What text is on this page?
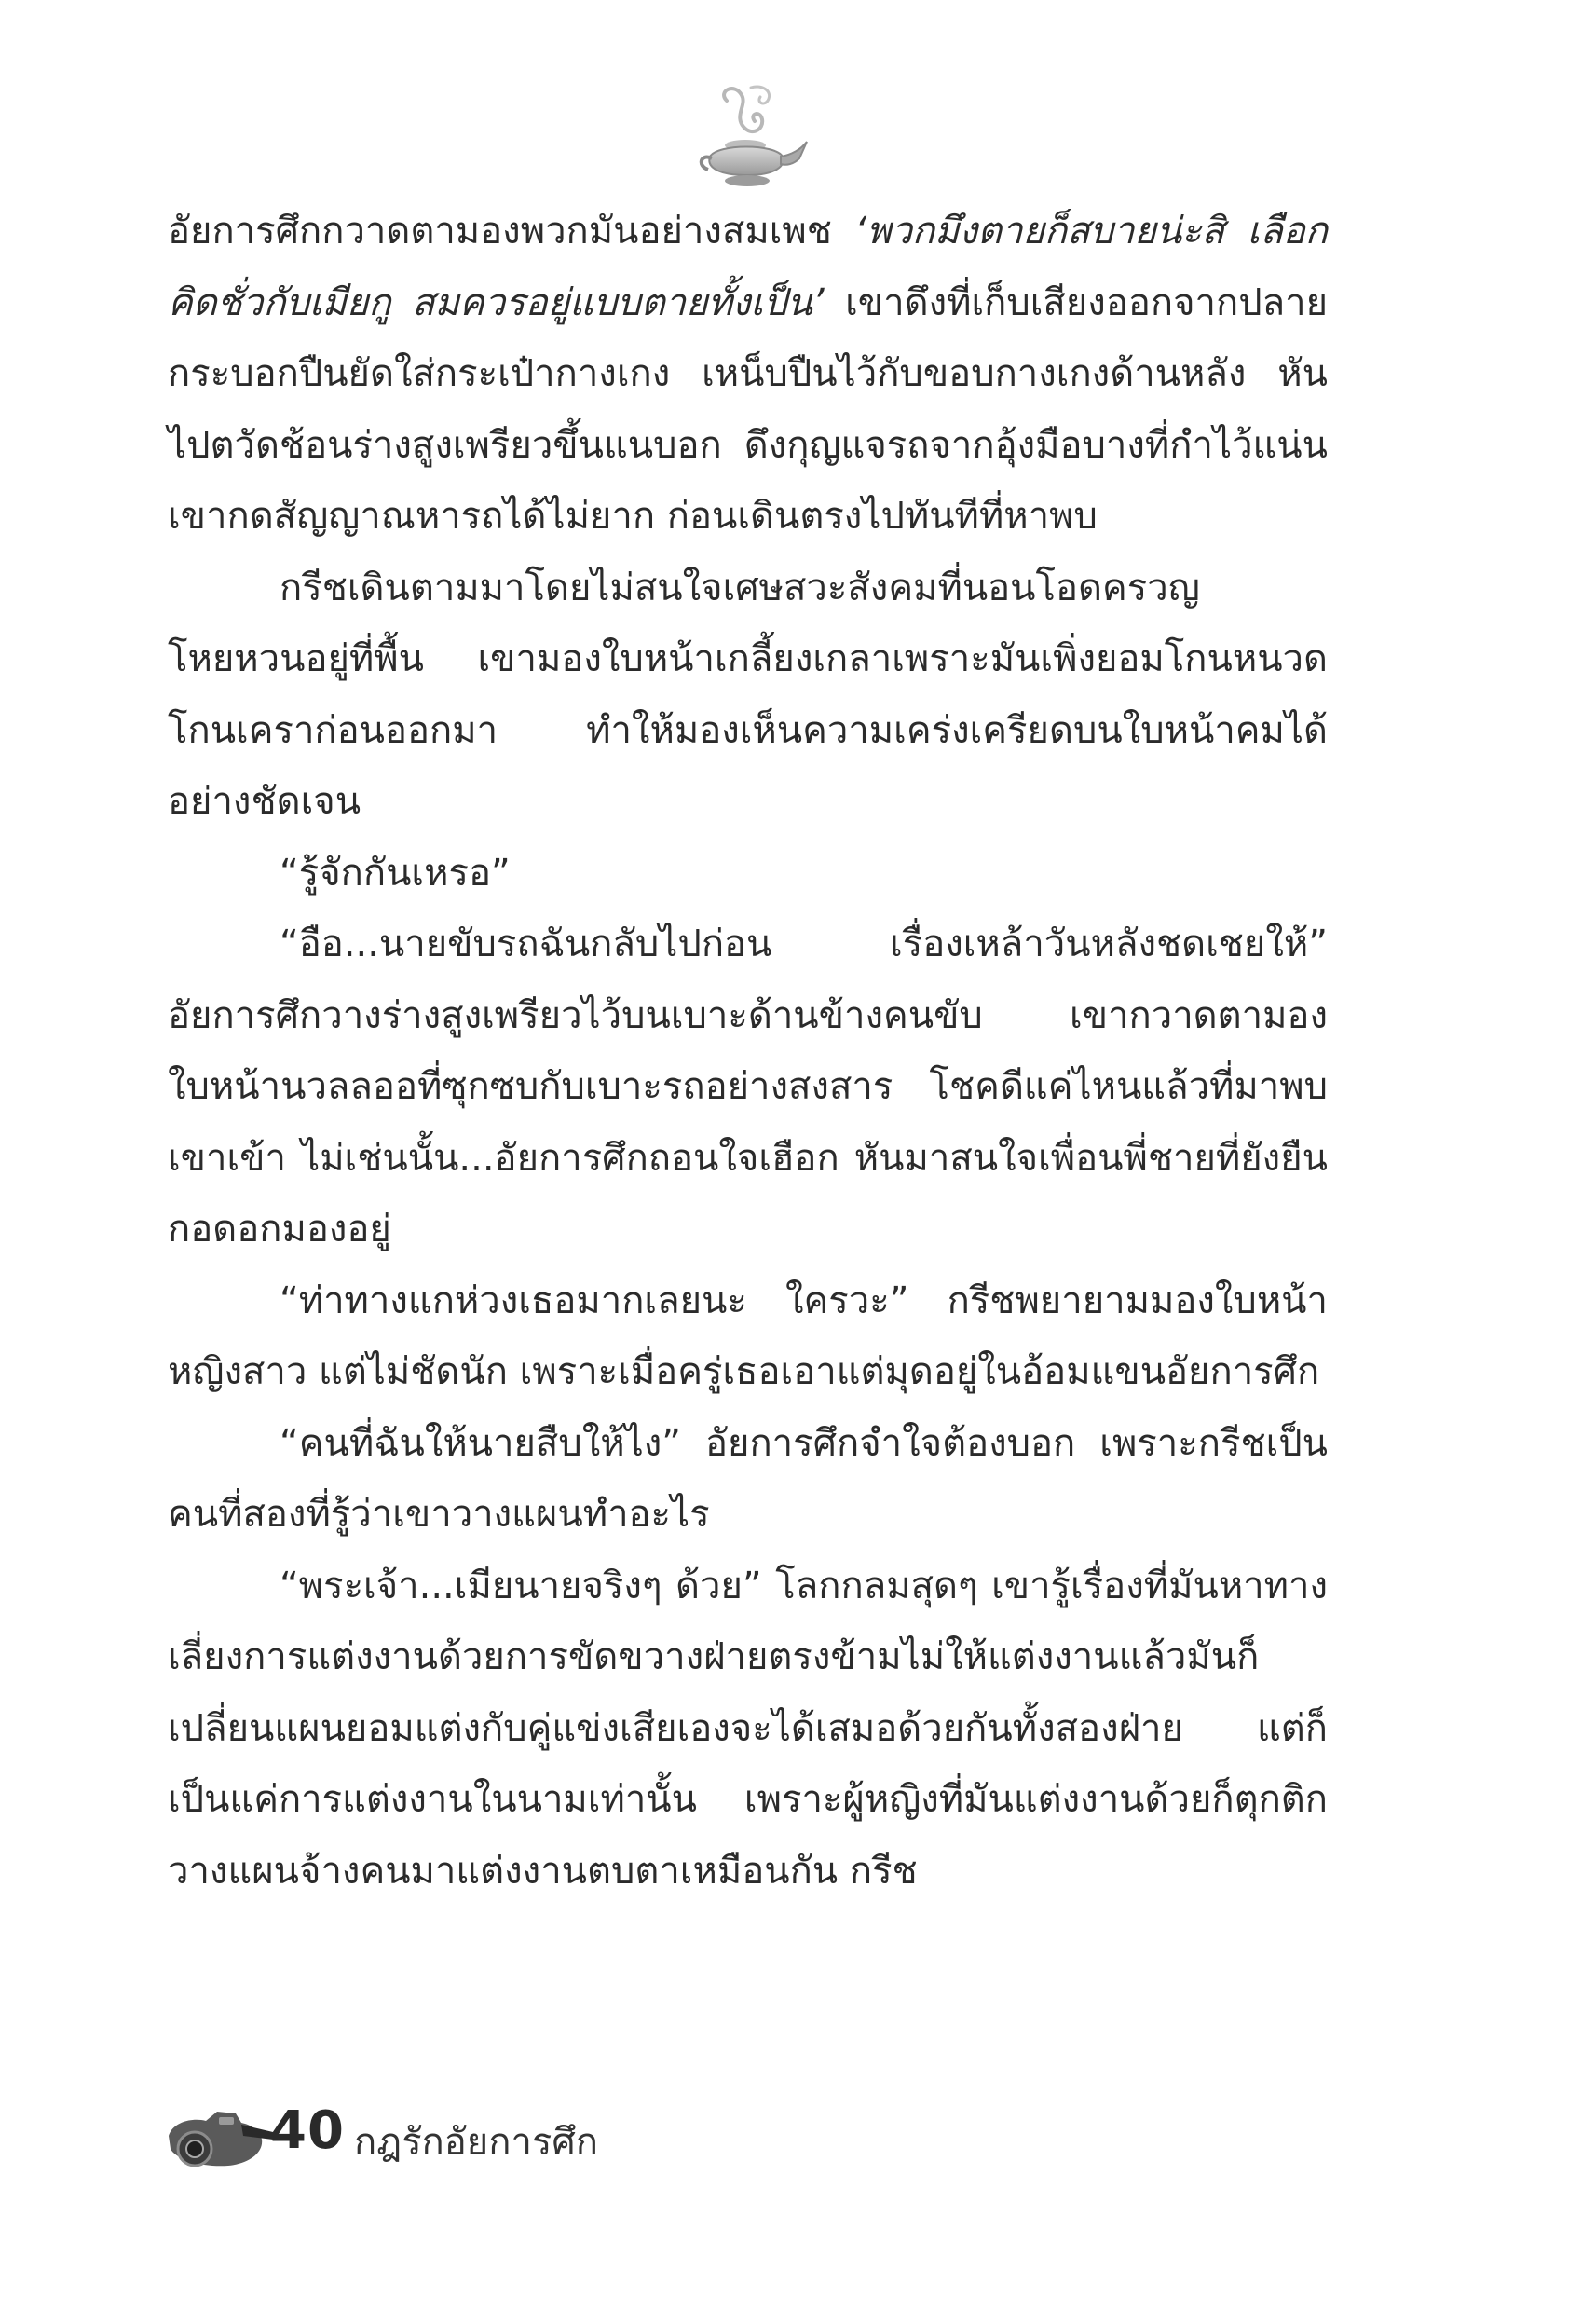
อัยการศึกกวาดตามองพวกมันอย่างสมเพช ‘พวกมึงตายก็สบายน่ะสิ เลือกคิดชั่วกับเมียกู สมควรอยู่แบบตายทั้งเป็น’ เขาดึงที่เก็บเสียงออกจากปลายกระบอกปืนยัดใส่กระเป๋ากางเกง เหน็บปืนไว้กับขอบกางเกงด้านหลัง หันไปตวัดช้อนร่างสูงเพรียวขึ้นแนบอก ดึงกุญแจรถจากอุ้งมือบางที่กำไว้แน่น เขากดสัญญาณหารถได้ไม่ยาก ก่อนเดินตรงไปทันทีที่หาพบ

กรีชเดินตามมาโดยไม่สนใจเศษสวะสังคมที่นอนโอดครวญโหยหวนอยู่ที่พื้น เขามองใบหน้าเกลี้ยงเกลาเพราะมันเพิ่งยอมโกนหนวดโกนเคราก่อนออกมา ทำให้มองเห็นความเคร่งเครียดบนใบหน้าคมได้อย่างชัดเจน

“รู้จักกันเหรอ”

“อือ...นายขับรถฉันกลับไปก่อน เรื่องเหล้าวันหลังชดเชยให้” อัยการศึกวางร่างสูงเพรียวไว้บนเบาะด้านข้างคนขับ เขากวาดตามองใบหน้านวลลออที่ซุกซบกับเบาะรถอย่างสงสาร โชคดีแค่ไหนแล้วที่มาพบเขาเข้า ไม่เช่นนั้น...อัยการศึกถอนใจเฮือก หันมาสนใจเพื่อนพี่ชายที่ยังยืนกอดอกมองอยู่

“ท่าทางแกห่วงเธอมากเลยนะ ใครวะ” กรีชพยายามมองใบหน้าหญิงสาว แต่ไม่ชัดนัก เพราะเมื่อครู่เธอเอาแต่มุดอยู่ในอ้อมแขนอัยการศึก

“คนที่ฉันให้นายสืบให้ไง” อัยการศึกจำใจต้องบอก เพราะกรีชเป็นคนที่สองที่รู้ว่าเขาวางแผนทำอะไร

“พระเจ้า...เมียนายจริงๆ ด้วย” โลกกลมสุดๆ เขารู้เรื่องที่มันหาทางเลี่ยงการแต่งงานด้วยการขัดขวางฝ่ายตรงข้ามไม่ให้แต่งงานแล้วมันก็เปลี่ยนแผนยอมแต่งกับคู่แข่งเสียเองจะได้เสมอด้วยกันทั้งสองฝ่าย แต่ก็เป็นแค่การแต่งงานในนามเท่านั้น เพราะผู้หญิงที่มันแต่งงานด้วยก็ตุกติกวางแผนจ้างคนมาแต่งงานตบตาเหมือนกัน กรีช

40 กฎรักอัยการศึก
